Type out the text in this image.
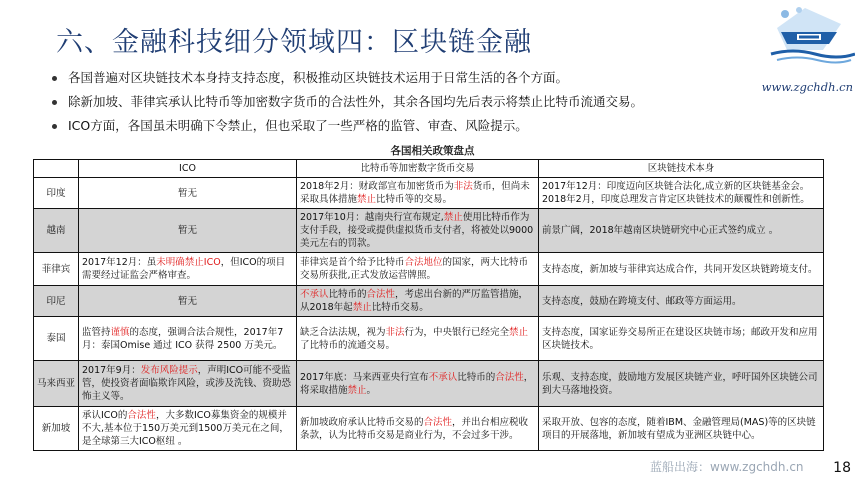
六、金融科技细分领域四：区块链金融
www.zgchdh.cn
各国普遍对区块链技术本身持支持态度，积极推动区块链技术运用于日常生活的各个方面。
除新加坡、菲律宾承认比特币等加密数字货币的合法性外，其余各国均先后表示将禁止比特币流通交易。
ICO方面，各国虽未明确下令禁止，但也采取了一些严格的监管、审查、风险提示。
各国相关政策盘点
	ICO	比特币等加密数字货币交易	区块链技术本身
印度	暂无	2018年2月：财政部宣布加密货币为非法货币，但尚未采取具体措施禁止比特币等的交易。	2017年12月：印度迈向区块链合法化,成立新的区块链基金会。2018年2月，印度总理发言肯定区块链技术的颠覆性和创新性。
越南	暂无	2017年10月：越南央行宣布规定,禁止使用比特币作为支付手段，接受或提供虚拟货币支付者，将被处以9000美元左右的罚款。	前景广阔，2018年越南区块链研究中心正式签约成立 。
菲律宾	2017年12月：虽未明确禁止ICO，但ICO的项目需要经过证监会严格审查。	菲律宾是首个给予比特币合法地位的国家，两大比特币交易所获批,正式发放运营牌照。	支持态度，新加坡与菲律宾达成合作，共同开发区块链跨境支付。
印尼	暂无	不承认比特币的合法性，考虑出台新的严厉监管措施，从2018年起禁止比特币交易。	支持态度，鼓励在跨境支付、邮政等方面运用。
泰国	监管持谨慎的态度，强调合法合规性，2017年7月：泰国Omise 通过 ICO 获得 2500 万美元。	缺乏合法法规，视为非法行为，中央银行已经完全禁止了比特币的流通交易。	支持态度，国家证券交易所正在建设区块链市场；邮政开发和应用区块链技术。
马来西亚	2017年9月：发布风险提示，声明ICO可能不受监管，使投资者面临欺诈风险，或涉及洗钱、资助恐怖主义等。	2017年底：马来西亚央行宣布不承认比特币的合法性，将采取措施禁止。	乐观、支持态度，鼓励地方发展区块链产业，呼吁国外区块链公司到大马落地投资。
新加坡	承认ICO的合法性，大多数ICO募集资金的规模并不大,基本位于150万美元到1500万美元在之间，是全球第三大ICO枢纽 。	新加坡政府承认比特币交易的合法性，并出台相应税收条款，认为比特币交易是商业行为，不会过多干涉。	采取开放、包容的态度，随着IBM、金融管理局(MAS)等的区块链项目的开展落地，新加坡有望成为亚洲区块链中心。
蓝船出海：www.zgchdh.cn 18
